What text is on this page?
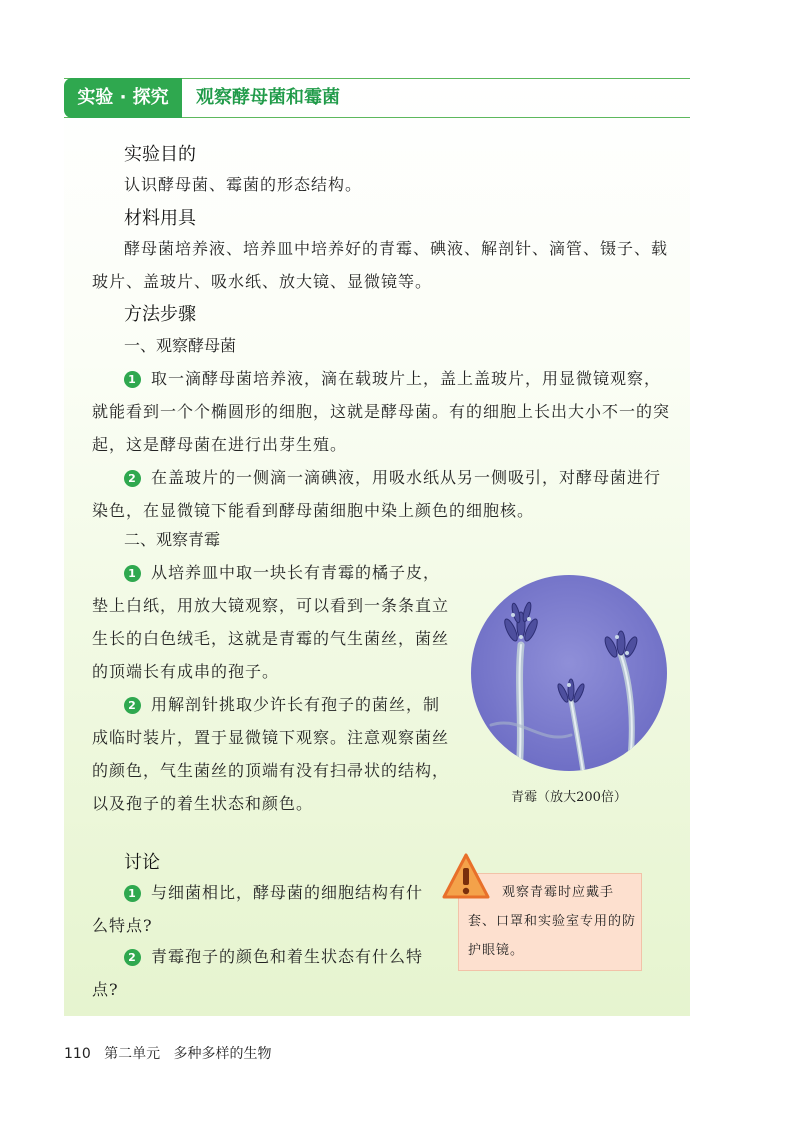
实验 · 探究	观察酵母菌和霉菌
实验目的
认识酵母菌、霉菌的形态结构。
材料用具
酵母菌培养液、培养皿中培养好的青霉、碘液、解剖针、滴管、镊子、载玻片、盖玻片、吸水纸、放大镜、显微镜等。
方法步骤
一、观察酵母菌
1 取一滴酵母菌培养液，滴在载玻片上，盖上盖玻片，用显微镜观察，就能看到一个个椭圆形的细胞，这就是酵母菌。有的细胞上长出大小不一的突起，这是酵母菌在进行出芽生殖。
2 在盖玻片的一侧滴一滴碘液，用吸水纸从另一侧吸引，对酵母菌进行染色，在显微镜下能看到酵母菌细胞中染上颜色的细胞核。
二、观察青霉
1 从培养皿中取一块长有青霉的橘子皮，垫上白纸，用放大镜观察，可以看到一条条直立生长的白色绒毛，这就是青霉的气生菌丝，菌丝的顶端长有成串的孢子。
2 用解剖针挑取少许长有孢子的菌丝，制成临时装片，置于显微镜下观察。注意观察菌丝的颜色，气生菌丝的顶端有没有扫帚状的结构，以及孢子的着生状态和颜色。	青霉（放大200倍）
讨论
1 与细菌相比，酵母菌的细胞结构有什么特点?
2 青霉孢子的颜色和着生状态有什么特点?
观察青霉时应戴手套、口罩和实验室专用的防护眼镜。
110 第二单元 多种多样的生物
